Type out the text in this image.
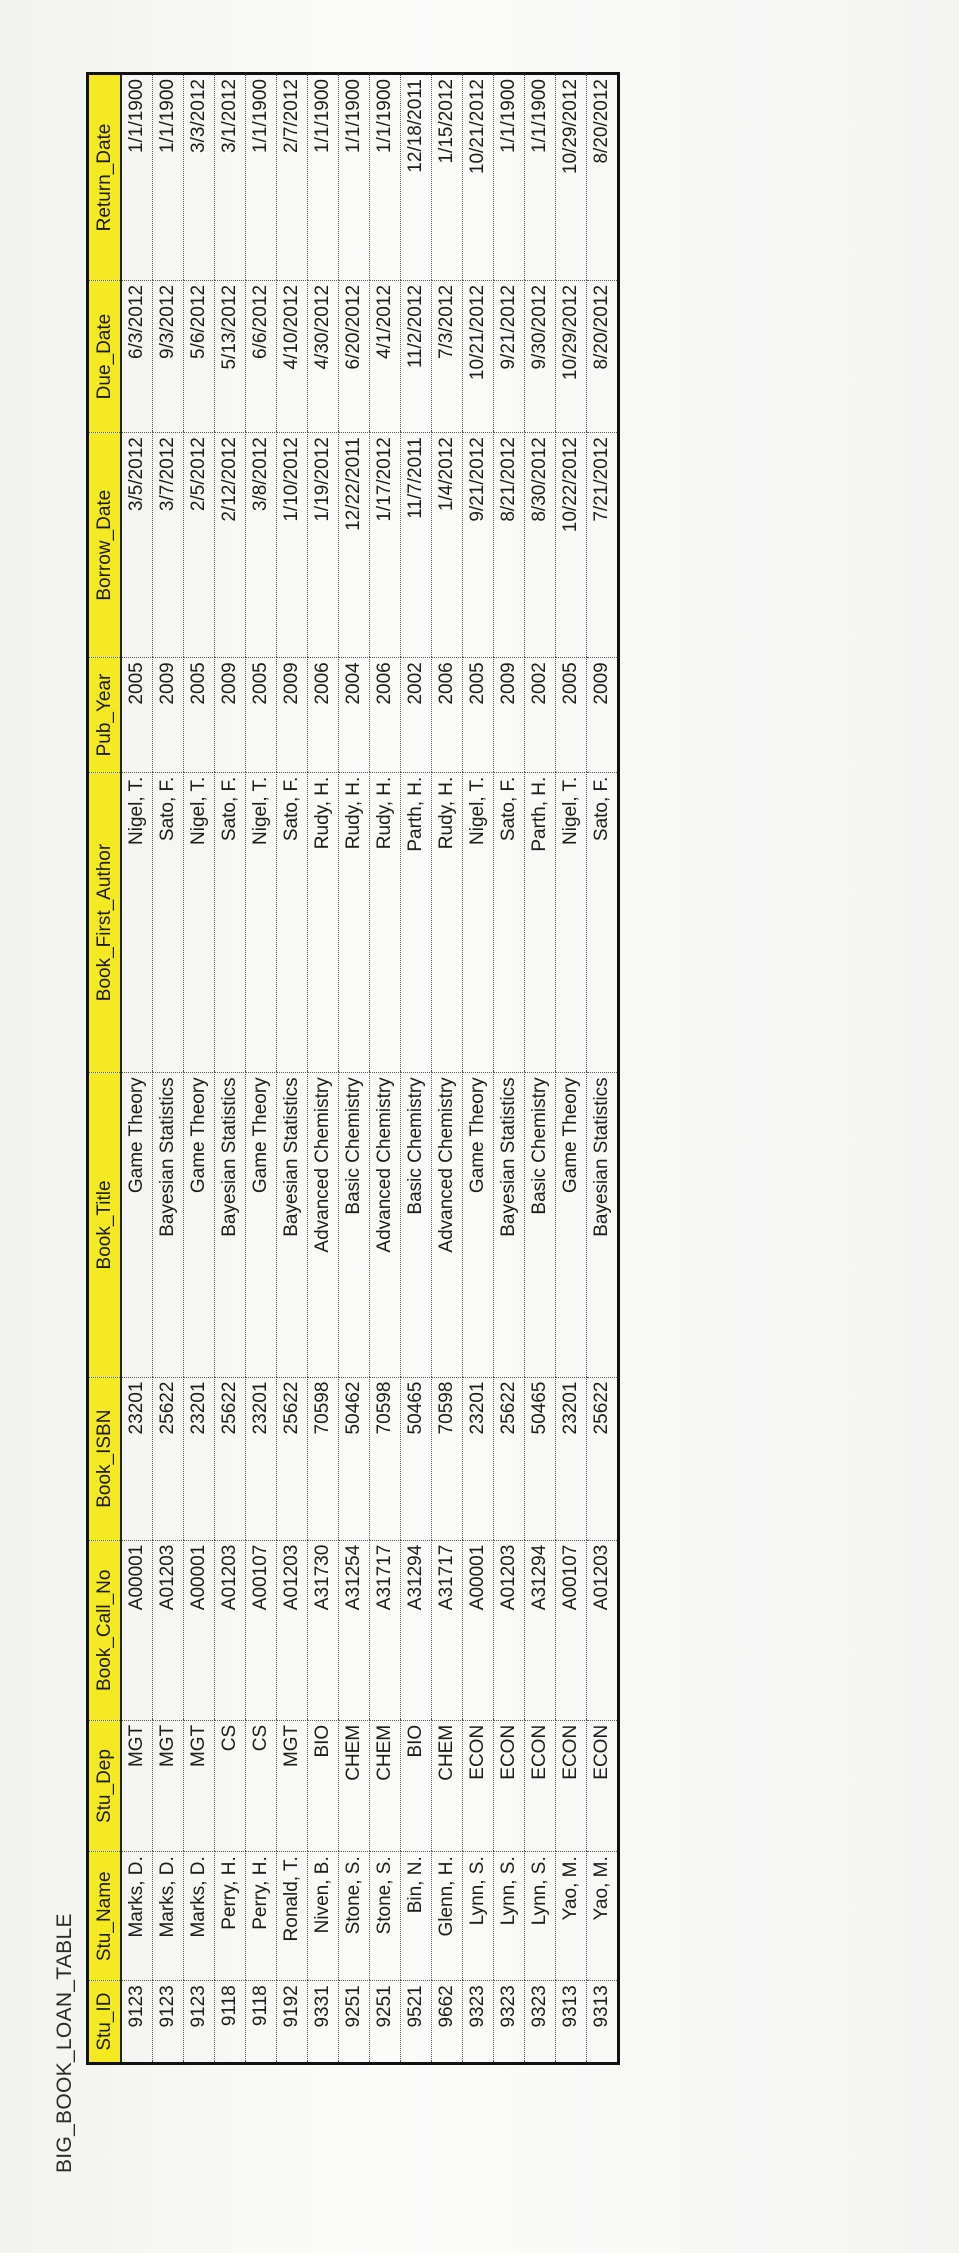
BIG_BOOK_LOAN_TABLE Stu_ID	Stu_Name	Stu_Dep	Book_Call_No	Book_ISBN	Book_Title	Book_First_Author	Pub_Year	Borrow_Date	Due_Date	Return_Date
9123	Marks, D.	MGT	A00001	23201	Game Theory	Nigel, T.	2005	3/5/2012	6/3/2012	1/1/1900
9123	Marks, D.	MGT	A01203	25622	Bayesian Statistics	Sato, F.	2009	3/7/2012	9/3/2012	1/1/1900
9123	Marks, D.	MGT	A00001	23201	Game Theory	Nigel, T.	2005	2/5/2012	5/6/2012	3/3/2012
9118	Perry, H.	CS	A01203	25622	Bayesian Statistics	Sato, F.	2009	2/12/2012	5/13/2012	3/1/2012
9118	Perry, H.	CS	A00107	23201	Game Theory	Nigel, T.	2005	3/8/2012	6/6/2012	1/1/1900
9192	Ronald, T.	MGT	A01203	25622	Bayesian Statistics	Sato, F.	2009	1/10/2012	4/10/2012	2/7/2012
9331	Niven, B.	BIO	A31730	70598	Advanced Chemistry	Rudy, H.	2006	1/19/2012	4/30/2012	1/1/1900
9251	Stone, S.	CHEM	A31254	50462	Basic Chemistry	Rudy, H.	2004	12/22/2011	6/20/2012	1/1/1900
9251	Stone, S.	CHEM	A31717	70598	Advanced Chemistry	Rudy, H.	2006	1/17/2012	4/1/2012	1/1/1900
9521	Bin, N.	BIO	A31294	50465	Basic Chemistry	Parth, H.	2002	11/7/2011	11/2/2012	12/18/2011
9662	Glenn, H.	CHEM	A31717	70598	Advanced Chemistry	Rudy, H.	2006	1/4/2012	7/3/2012	1/15/2012
9323	Lynn, S.	ECON	A00001	23201	Game Theory	Nigel, T.	2005	9/21/2012	10/21/2012	10/21/2012
9323	Lynn, S.	ECON	A01203	25622	Bayesian Statistics	Sato, F.	2009	8/21/2012	9/21/2012	1/1/1900
9323	Lynn, S.	ECON	A31294	50465	Basic Chemistry	Parth, H.	2002	8/30/2012	9/30/2012	1/1/1900
9313	Yao, M.	ECON	A00107	23201	Game Theory	Nigel, T.	2005	10/22/2012	10/29/2012	10/29/2012
9313	Yao, M.	ECON	A01203	25622	Bayesian Statistics	Sato, F.	2009	7/21/2012	8/20/2012	8/20/2012
